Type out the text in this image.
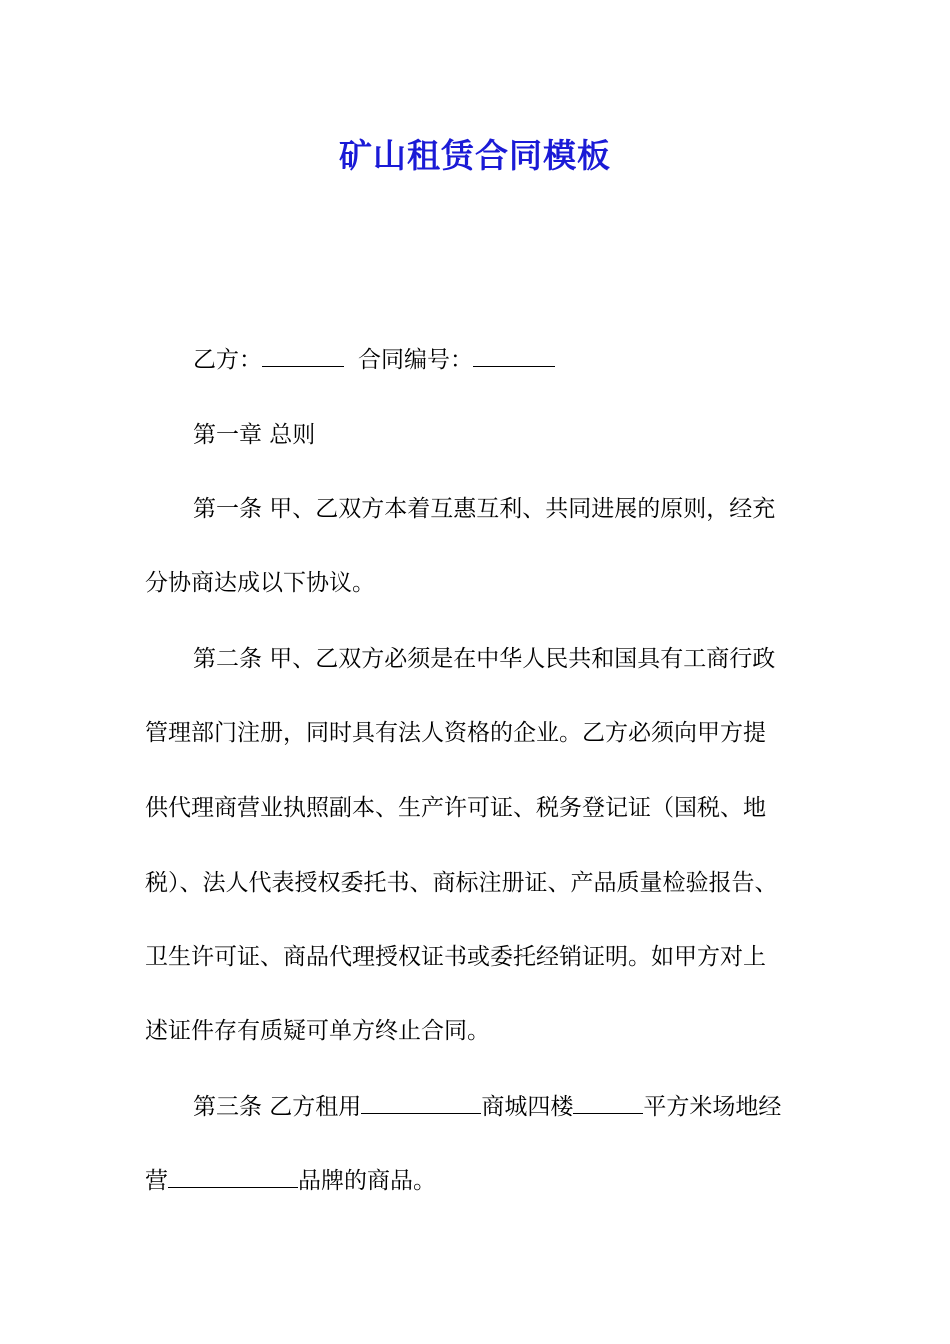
矿山租赁合同模板
乙方：	合同编号：
第一章 总则
第一条 甲、乙双方本着互惠互利、共同进展的原则，经充
分协商达成以下协议。
第二条 甲、乙双方必须是在中华人民共和国具有工商行政
管理部门注册，同时具有法人资格的企业。乙方必须向甲方提
供代理商营业执照副本、生产许可证、税务登记证（国税、地
税）、法人代表授权委托书、商标注册证、产品质量检验报告、
卫生许可证、商品代理授权证书或委托经销证明。如甲方对上
述证件存有质疑可单方终止合同。
第三条 乙方租用	商城四楼	平方米场地经
营	品牌的商品。
